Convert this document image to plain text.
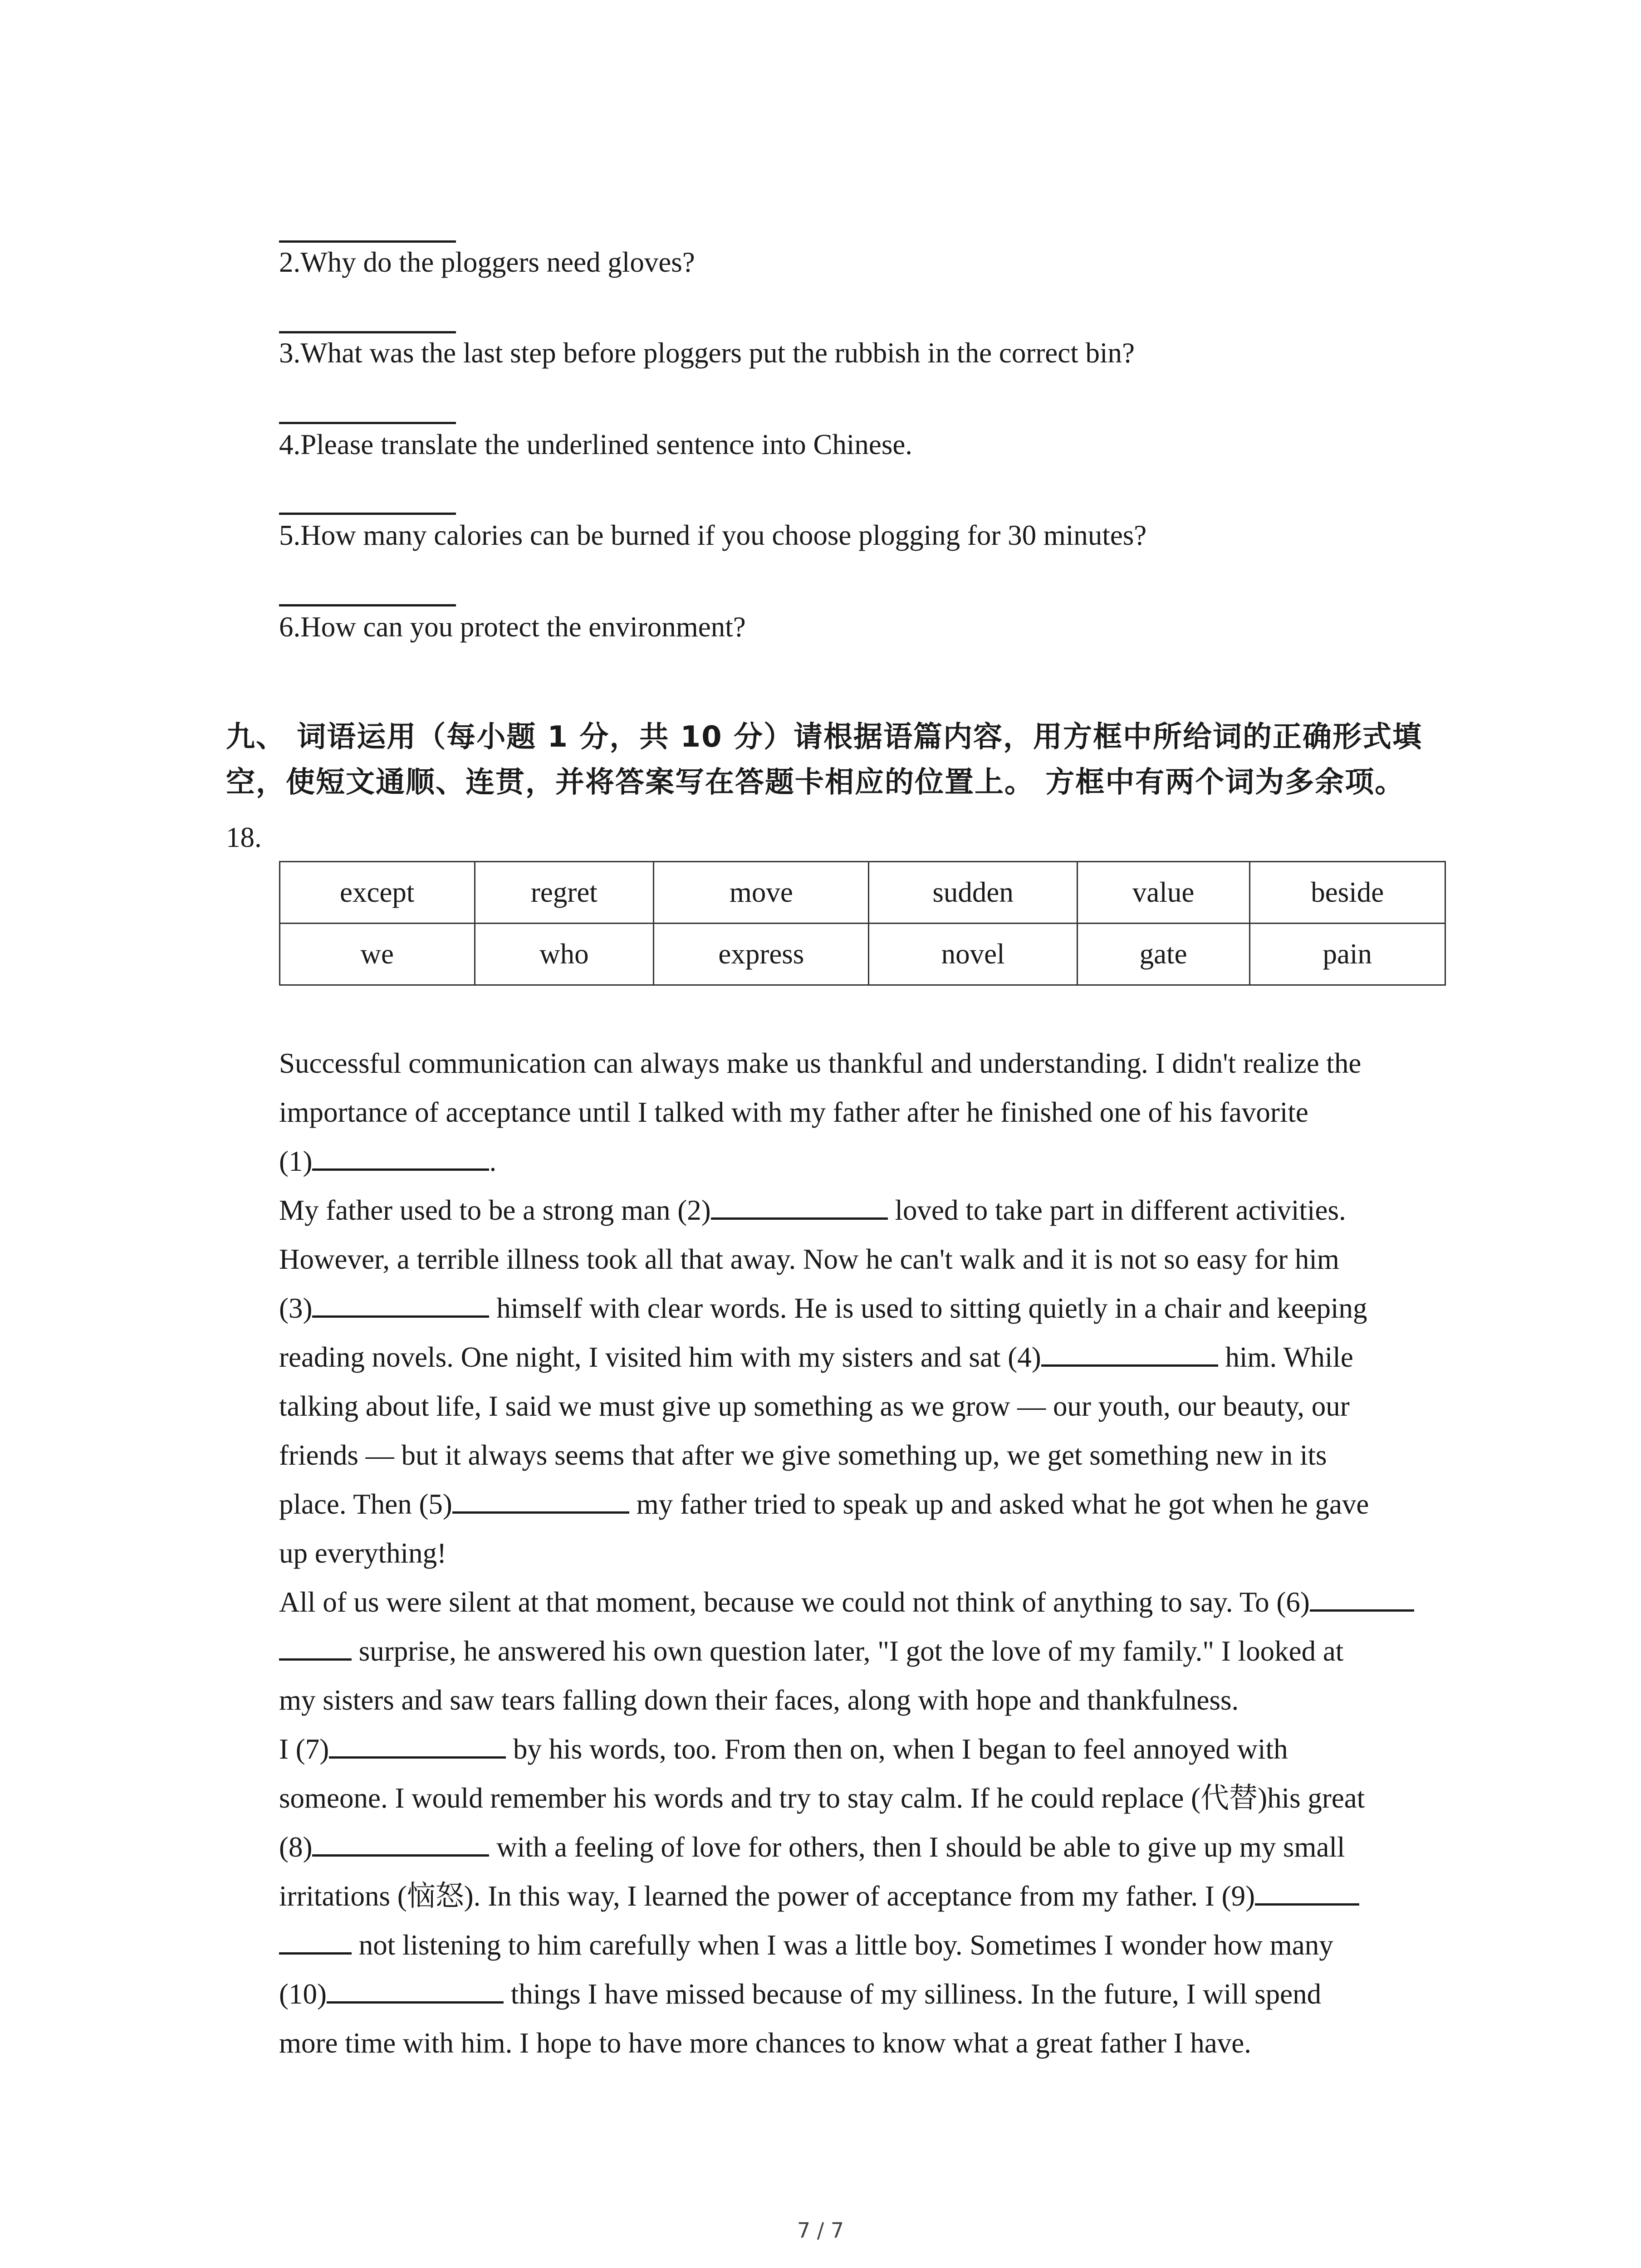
2.Why do the ploggers need gloves?
3.What was the last step before ploggers put the rubbish in the correct bin?
4.Please translate the underlined sentence into Chinese.
5.How many calories can be burned if you choose plogging for 30 minutes?
6.How can you protect the environment?
九、 词语运用（每小题 1 分，共 10 分）请根据语篇内容，用方框中所给词的正确形式填空，使短文通顺、连贯，并将答案写在答题卡相应的位置上。 方框中有两个词为多余项。
18.
except	regret	move	sudden	value	beside
we	who	express	novel	gate	pain
Successful communication can always make us thankful and understanding. I didn't realize the
importance of acceptance until I talked with my father after he finished one of his favorite
(1)	.
My father used to be a strong man (2)	loved to take part in different activities.
However, a terrible illness took all that away. Now he can't walk and it is not so easy for him
(3)	himself with clear words. He is used to sitting quietly in a chair and keeping
reading novels. One night, I visited him with my sisters and sat (4)	him. While
talking about life, I said we must give up something as we grow — our youth, our beauty, our
friends — but it always seems that after we give something up, we get something new in its
place. Then (5)	my father tried to speak up and asked what he got when he gave
up everything!
All of us were silent at that moment, because we could not think of anything to say. To (6)
surprise, he answered his own question later, "I got the love of my family." I looked at
my sisters and saw tears falling down their faces, along with hope and thankfulness.
I (7)	by his words, too. From then on, when I began to feel annoyed with
someone. I would remember his words and try to stay calm. If he could replace (代替)his great
(8)	with a feeling of love for others, then I should be able to give up my small
irritations (恼怒). In this way, I learned the power of acceptance from my father. I (9)
not listening to him carefully when I was a little boy. Sometimes I wonder how many
(10)	things I have missed because of my silliness. In the future, I will spend
more time with him. I hope to have more chances to know what a great father I have.
7 / 7
